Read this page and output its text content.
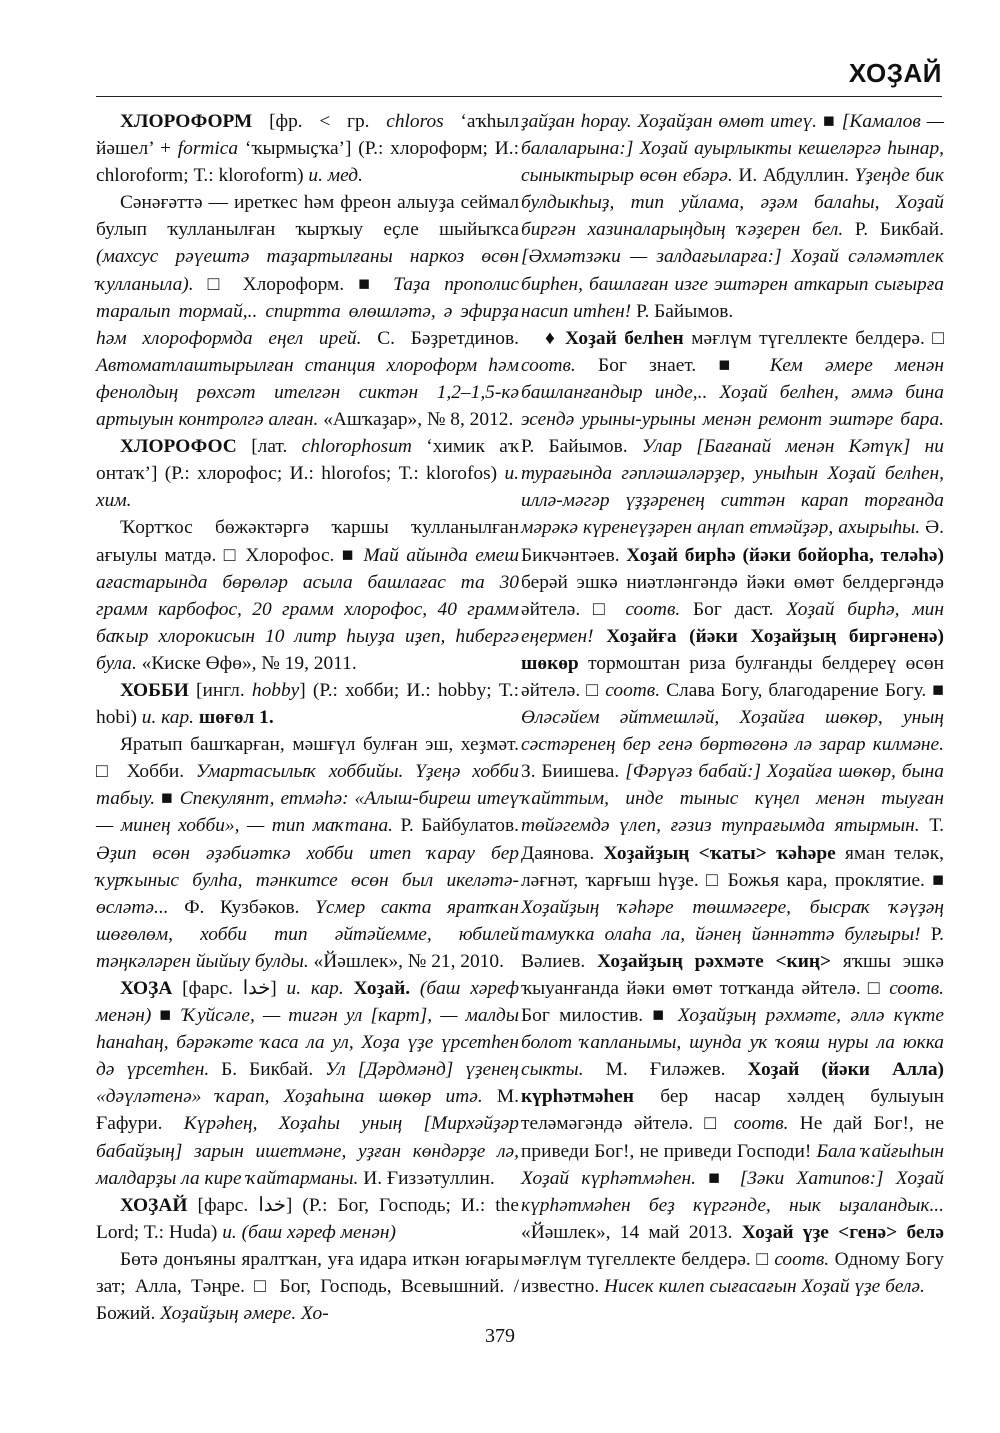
ХОҘАЙ

ХЛОРОФОРМ [фр. < гр. chloros ‘аҡһыл йәшел’ + formica ‘ҡырмыҫҡа’] (Р.: хлороформ; И.: chloroform; Т.: kloroform) и. мед.

Сәнәғәттә — иреткес һәм фреон алыуҙа сеймал булып ҡулланылған ҡырҡыу еҫле шыйыҡса (махсус рәүештә таҙартылғаны наркоз өсөн ҡулланыла). □ Хлороформ. ■ Таҙа прополис таралып тормай,.. спиртта өлөшләтә, ә эфирҙа һәм хлороформда еңел ирей. С. Бәҙретдинов. Автоматлаштырылған станция хлороформ һәм фенолдың рөхсәт ителгән сиктән 1,2–1,5-кә артыуын контролгә алған. «Ашҡаҙар», № 8, 2012.

ХЛОРОФОС [лат. chlorophosum ‘химик аҡ онтаҡ’] (Р.: хлорофос; И.: hlorofos; Т.: klorofos) и. хим.

Ҡортҡос бөжәктәргә ҡаршы ҡулланылған ағыулы матдә. □ Хлорофос. ■ Май айында емеш ағастарында бөрөләр асыла башлағас та 30 грамм карбофос, 20 грамм хлорофос, 40 грамм баҡыр хлорокисын 10 литр һыуҙа иҙеп, һибергә була. «Киске Өфө», № 19, 2011.

ХОББИ [ингл. hobby] (Р.: хобби; И.: hobby; Т.: hobi) и. кар. шөғөл 1.

Яратып башҡарған, мәшғүл булған эш, хеҙмәт. □ Хобби. Умартасылыҡ хоббийы. Үҙеңә хобби табыу. ■ Спекулянт, етмәһә: «Алыш-биреш итеү — минең хобби», — тип маҡтана. Р. Байбулатов. Әҙип өсөн әҙәбиәткә хобби итеп ҡарау бер ҡурҡыныс булһа, тәнкитсе өсөн был икеләтә-өсләтә... Ф. Кузбәков. Үсмер сакта яратҡан шөғөлөм, хобби тип әйтәйемме, юбилей тәңкәләрен йыйыу булды. «Йәшлек», № 21, 2010.

ХОҘА [фарс. خدا] и. кар. Хоҙай. (баш хәреф менән) ■ Ҡуйсәле, — тигән ул [карт], — малды һанаһаң, бәрәкәте ҡаса ла ул, Хоҙа үҙе үрсетһен дә үрсетһен. Б. Бикбай. Ул [Дәрдмәнд] үҙенең «дәүләтенә» ҡарап, Хоҙаһына шөкөр итә. М. Ғафури. Күрәһең, Хоҙаһы уның [Мирхәйҙәр бабайҙың] зарын ишетмәне, уҙған көндәрҙе лә, малдарҙы ла кире ҡайтарманы. И. Ғиззәтуллин.

ХОҘАЙ [фарс. خدا] (Р.: Бог, Господь; И.: the Lord; Т.: Huda) и. (баш хәреф менән)

Бөтә донъяны яралтҡан, уға идара иткән юғары зат; Алла, Тәңре. □ Бог, Господь, Всевышний. / Божий. Хоҙайҙың әмере. Хо-

ҙайҙан һорау. Хоҙайҙан өмөт итеү. ■ [Камалов — балаларына:] Хоҙай ауырлыкты кешеләргә һынар, сыныктырыр өсөн ебәрә. И. Абдуллин. Үҙеңде бик булдыкһыҙ, тип уйлама, әҙәм балаһы, Хоҙай биргән хазиналарыңдың ҡәҙерен бел. Р. Бикбай. [Әхмәтзәки — залдағыларға:] Хоҙай сәләмәтлек бирһен, башлаған изге эштәрен аткарып сығырға насип итһен! Р. Байымов.

♦ Хоҙай белһен мәғлүм түгеллекте белдерә. □ соотв. Бог знает. ■ Кем әмере менән башланғандыр инде,.. Хоҙай белһен, әммә бина эсендә урыны-урыны менән ремонт эштәре бара. Р. Байымов. Улар [Бағанай менән Кәтүк] ни турағында гәпләшәләрҙер, уныһын Хоҙай белһен, иллә-мәгәр үҙҙәренең ситтән карап торғанда мәрәкә күренеүҙәрен аңлап етмәйҙәр, ахырыһы. Ә. Бикчәнтәев. Хоҙай бирһә (йәки бойорһа, теләһә) берәй эшкә ниәтләнгәндә йәки өмөт белдергәндә әйтелә. □ соотв. Бог даст. Хоҙай бирһә, мин еңермен! Хоҙайға (йәки Хоҙайҙың биргәненә) шөкөр тормоштан риза булғанды белдереү өсөн әйтелә. □ соотв. Слава Богу, благодарение Богу. ■ Өләсәйем әйтмешләй, Хоҙайға шөкөр, уның сәстәренең бер генә бөртөгөнә лә зарар килмәне. З. Биишева. [Фәрүәз бабай:] Хоҙайға шөкөр, бына ҡайттым, инде тыныс күңел менән тыуған төйәгемдә үлеп, ғәзиз тупрағымда ятырмын. Т. Даянова. Хоҙайҙың <ҡаты> ҡәһәре яман теләк, ләғнәт, ҡарғыш һүҙе. □ Божья кара, проклятие. ■ Хоҙайҙың ҡәһәре төшмәгере, бысраҡ ҡәүҙәң тамуҡка олаһа ла, йәнең йәннәттә булғыры! Р. Вәлиев. Хоҙайҙың рәхмәте <киң> яҡшы эшкә ҡыуанғанда йәки өмөт тотҡанда әйтелә. □ соотв. Бог милостив. ■ Хоҙайҙың рәхмәте, әллә күкте болот ҡапланымы, шунда уҡ ҡояш нуры ла юкка сыкты. М. Ғиләжев. Хоҙай (йәки Алла) күрһәтмәһен бер насар хәлдең булыуын теләмәгәндә әйтелә. □ соотв. Не дай Бог!, не приведи Бог!, не приведи Господи! Бала ҡайғыһын Хоҙай күрһәтмәһен. ■ [Зәки Хатипов:] Хоҙай күрһәтмәһен беҙ күргәнде, нык ыҙаландык... «Йәшлек», 14 май 2013. Хоҙай үҙе <генә> белә мәғлүм түгеллекте белдерә. □ соотв. Одному Богу известно. Нисек килеп сығасағын Хоҙай үҙе белә.

379
